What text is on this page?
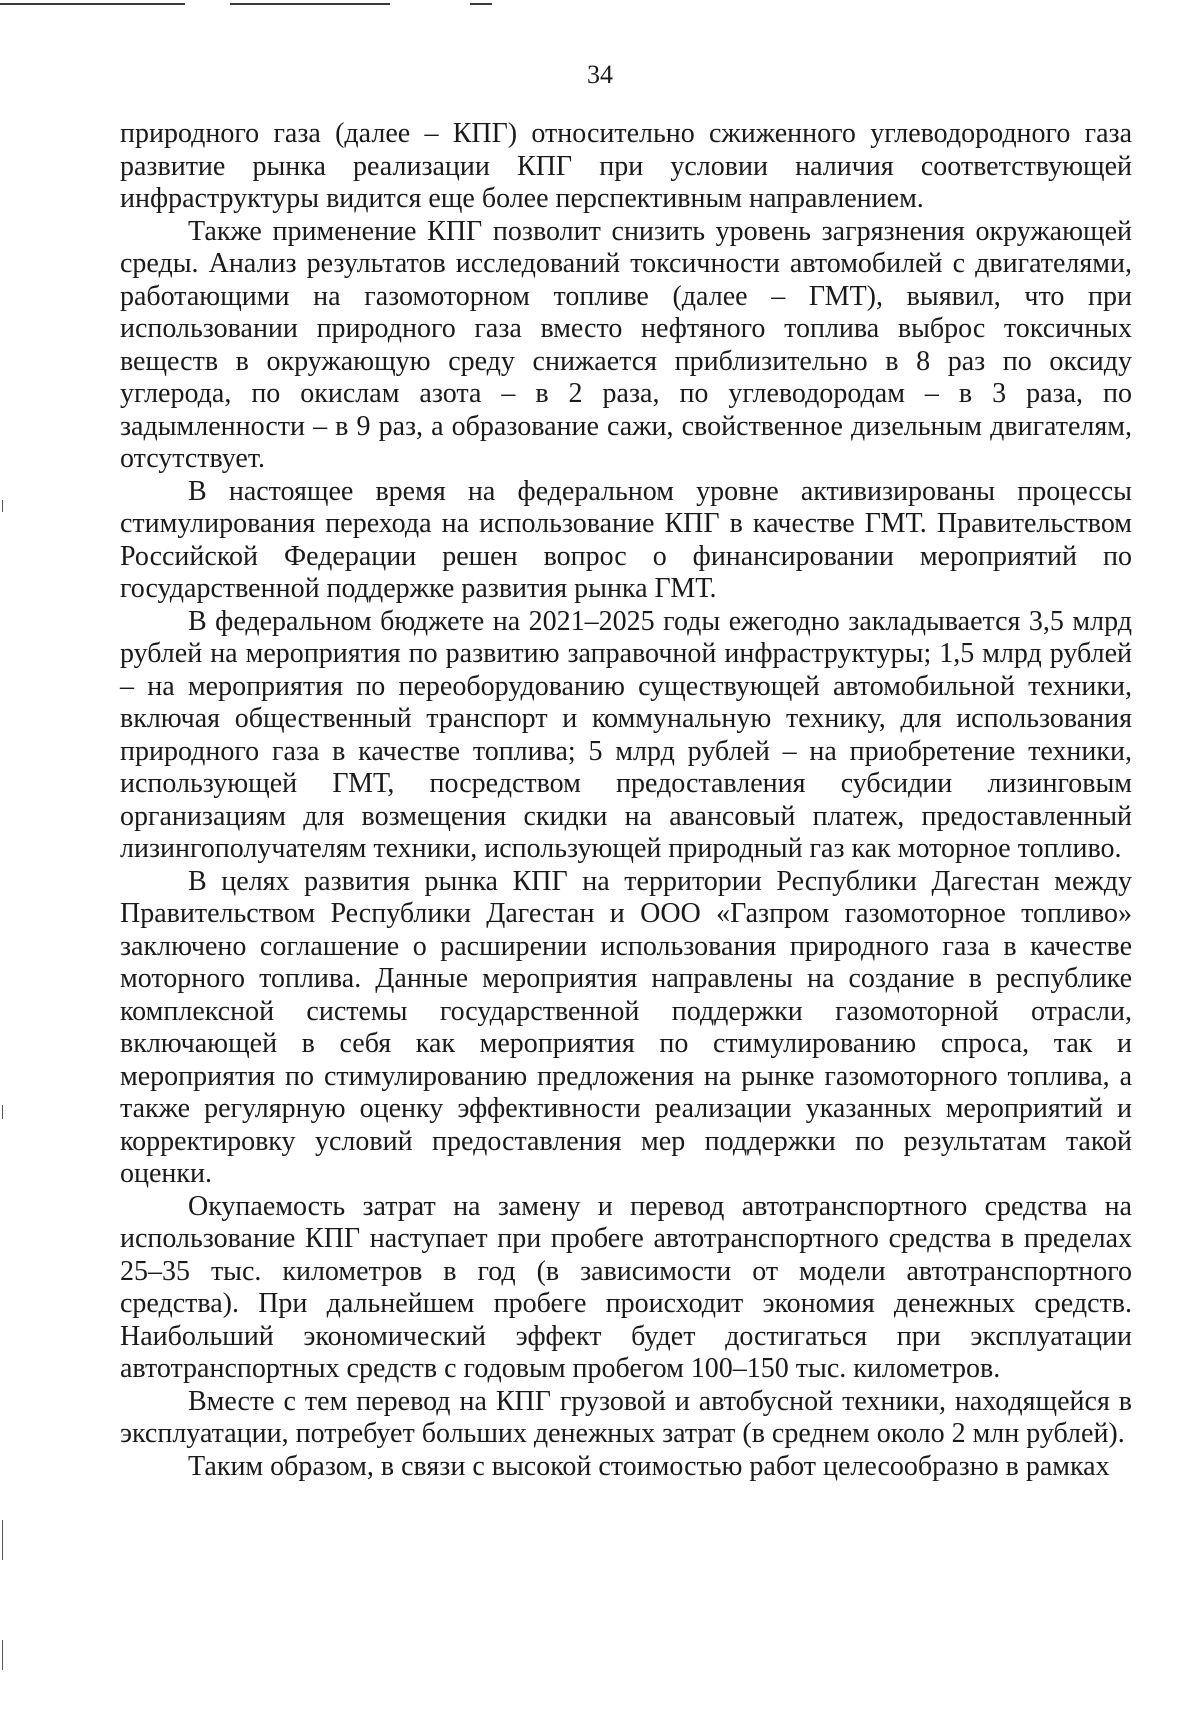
34

природного газа (далее – КПГ) относительно сжиженного углеводородного газа развитие рынка реализации КПГ при условии наличия соответствующей инфраструктуры видится еще более перспективным направлением.

Также применение КПГ позволит снизить уровень загрязнения окружающей среды. Анализ результатов исследований токсичности автомобилей с двигателями, работающими на газомоторном топливе (далее – ГМТ), выявил, что при использовании природного газа вместо нефтяного топлива выброс токсичных веществ в окружающую среду снижается приблизительно в 8 раз по оксиду углерода, по окислам азота – в 2 раза, по углеводородам – в 3 раза, по задымленности – в 9 раз, а образование сажи, свойственное дизельным двигателям, отсутствует.

В настоящее время на федеральном уровне активизированы процессы стимулирования перехода на использование КПГ в качестве ГМТ. Правительством Российской Федерации решен вопрос о финансировании мероприятий по государственной поддержке развития рынка ГМТ.

В федеральном бюджете на 2021–2025 годы ежегодно закладывается 3,5 млрд рублей на мероприятия по развитию заправочной инфраструктуры; 1,5 млрд рублей – на мероприятия по переоборудованию существующей автомобильной техники, включая общественный транспорт и коммунальную технику, для использования природного газа в качестве топлива; 5 млрд рублей – на приобретение техники, использующей ГМТ, посредством предоставления субсидии лизинговым организациям для возмещения скидки на авансовый платеж, предоставленный лизингополучателям техники, использующей природный газ как моторное топливо.

В целях развития рынка КПГ на территории Республики Дагестан между Правительством Республики Дагестан и ООО «Газпром газомоторное топливо» заключено соглашение о расширении использования природного газа в качестве моторного топлива. Данные мероприятия направлены на создание в республике комплексной системы государственной поддержки газомоторной отрасли, включающей в себя как мероприятия по стимулированию спроса, так и мероприятия по стимулированию предложения на рынке газомоторного топлива, а также регулярную оценку эффективности реализации указанных мероприятий и корректировку условий предоставления мер поддержки по результатам такой оценки.

Окупаемость затрат на замену и перевод автотранспортного средства на использование КПГ наступает при пробеге автотранспортного средства в пределах 25–35 тыс. километров в год (в зависимости от модели автотранспортного средства). При дальнейшем пробеге происходит экономия денежных средств. Наибольший экономический эффект будет достигаться при эксплуатации автотранспортных средств с годовым пробегом 100–150 тыс. километров.

Вместе с тем перевод на КПГ грузовой и автобусной техники, находящейся в эксплуатации, потребует больших денежных затрат (в среднем около 2 млн рублей).

Таким образом, в связи с высокой стоимостью работ целесообразно в рамках
